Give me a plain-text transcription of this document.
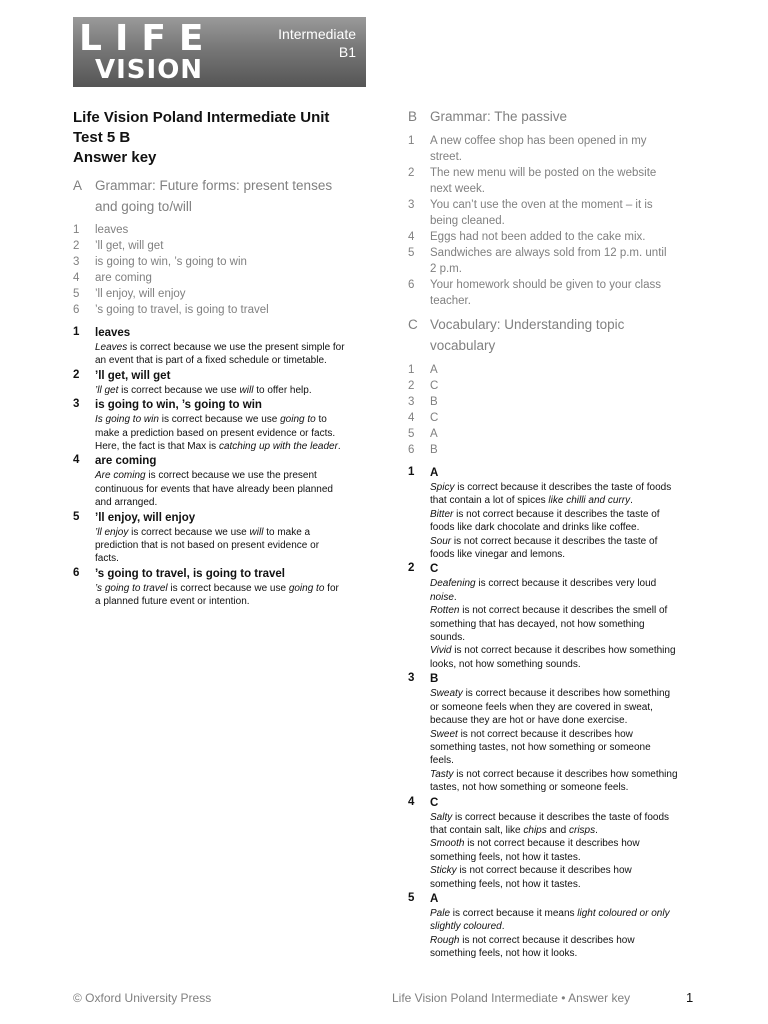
LIFE
VISION
Intermediate
B1
Life Vision Poland Intermediate Unit
Test 5 B
Answer key
A Grammar: Future forms: present tenses
and going to/will
1 leaves
2 ’ll get, will get
3 is going to win, ’s going to win
4 are coming
5 ’ll enjoy, will enjoy
6 ’s going to travel, is going to travel
1 leaves
Leaves is correct because we use the present simple for
an event that is part of a fixed schedule or timetable.
2 ’ll get, will get
’ll get is correct because we use will to offer help.
3 is going to win, ’s going to win
Is going to win is correct because we use going to to
make a prediction based on present evidence or facts.
Here, the fact is that Max is catching up with the leader.
4 are coming
Are coming is correct because we use the present
continuous for events that have already been planned
and arranged.
5 ’ll enjoy, will enjoy
’ll enjoy is correct because we use will to make a
prediction that is not based on present evidence or
facts.
6 ’s going to travel, is going to travel
’s going to travel is correct because we use going to for
a planned future event or intention.
B Grammar: The passive
1 A new coffee shop has been opened in my
street.
2 The new menu will be posted on the website
next week.
3 You can’t use the oven at the moment – it is
being cleaned.
4 Eggs had not been added to the cake mix.
5 Sandwiches are always sold from 12 p.m. until
2 p.m.
6 Your homework should be given to your class
teacher.
C Vocabulary: Understanding topic
vocabulary
1 A
2 C
3 B
4 C
5 A
6 B
1 A
Spicy is correct because it describes the taste of foods
that contain a lot of spices like chilli and curry.
Bitter is not correct because it describes the taste of
foods like dark chocolate and drinks like coffee.
Sour is not correct because it describes the taste of
foods like vinegar and lemons.
2 C
Deafening is correct because it describes very loud
noise.
Rotten is not correct because it describes the smell of
something that has decayed, not how something
sounds.
Vivid is not correct because it describes how something
looks, not how something sounds.
3 B
Sweaty is correct because it describes how something
or someone feels when they are covered in sweat,
because they are hot or have done exercise.
Sweet is not correct because it describes how
something tastes, not how something or someone
feels.
Tasty is not correct because it describes how something
tastes, not how something or someone feels.
4 C
Salty is correct because it describes the taste of foods
that contain salt, like chips and crisps.
Smooth is not correct because it describes how
something feels, not how it tastes.
Sticky is not correct because it describes how
something feels, not how it tastes.
5 A
Pale is correct because it means light coloured or only
slightly coloured.
Rough is not correct because it describes how
something feels, not how it looks.
© Oxford University Press	Life Vision Poland Intermediate • Answer key	1
